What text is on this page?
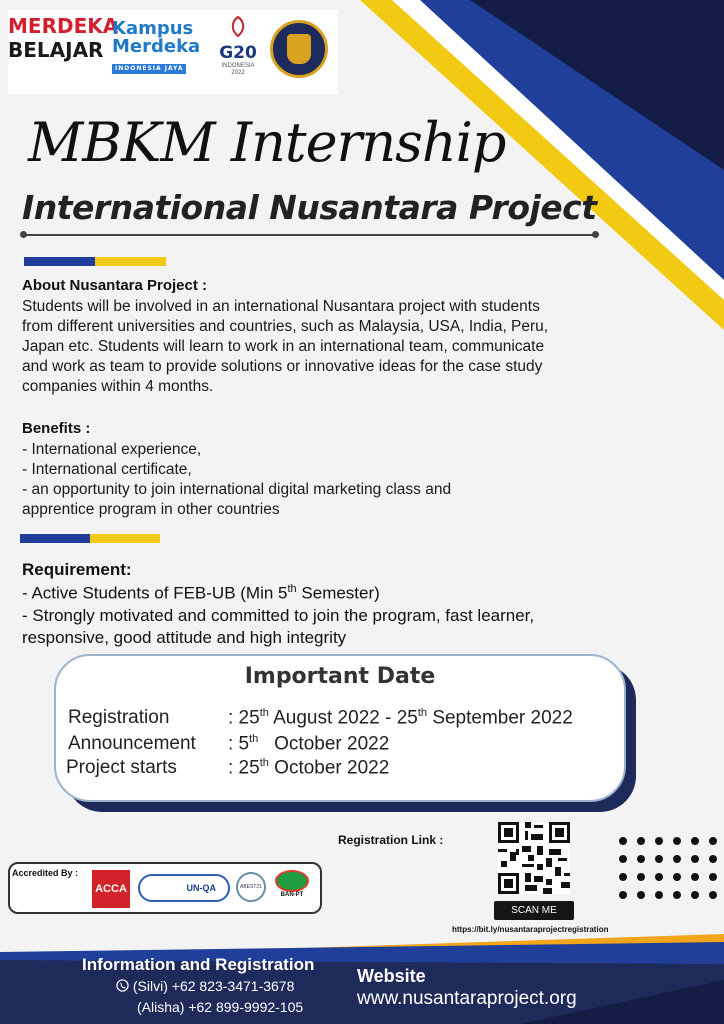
MERDEKA
BELAJAR
Kampus
Merdeka
INDONESIA JAYA
G20
INDONESIA
2022
MBKM Internship
International Nusantara Project
About Nusantara Project :
Students will be involved in an international Nusantara project with students
from different universities and countries, such as Malaysia, USA, India, Peru,
Japan etc. Students will learn to work in an international team, communicate
and work as team to provide solutions or innovative ideas for the case study
companies within 4 months.
Benefits :
- International experience,
- International certificate,
- an opportunity to join international digital marketing class and
apprentice program in other countries
Requirement:
- Active Students of FEB-UB (Min 5th Semester)
- Strongly motivated and committed to join the program, fast learner,
responsive, good attitude and high integrity
Important Date
Registration	: 25th August 2022 - 25th September 2022
Announcement : 5th October 2022
Project starts	: 25th October 2022
Accredited By :
ACCA	UN-QA	ABEST21
BAN-PT
Registration Link :
SCAN ME
https://bit.ly/nusantaraprojectregistration
Information and Registration
(Silvi) +62 823-3471-3678
(Alisha) +62 899-9992-105
Website
www.nusantaraproject.org
